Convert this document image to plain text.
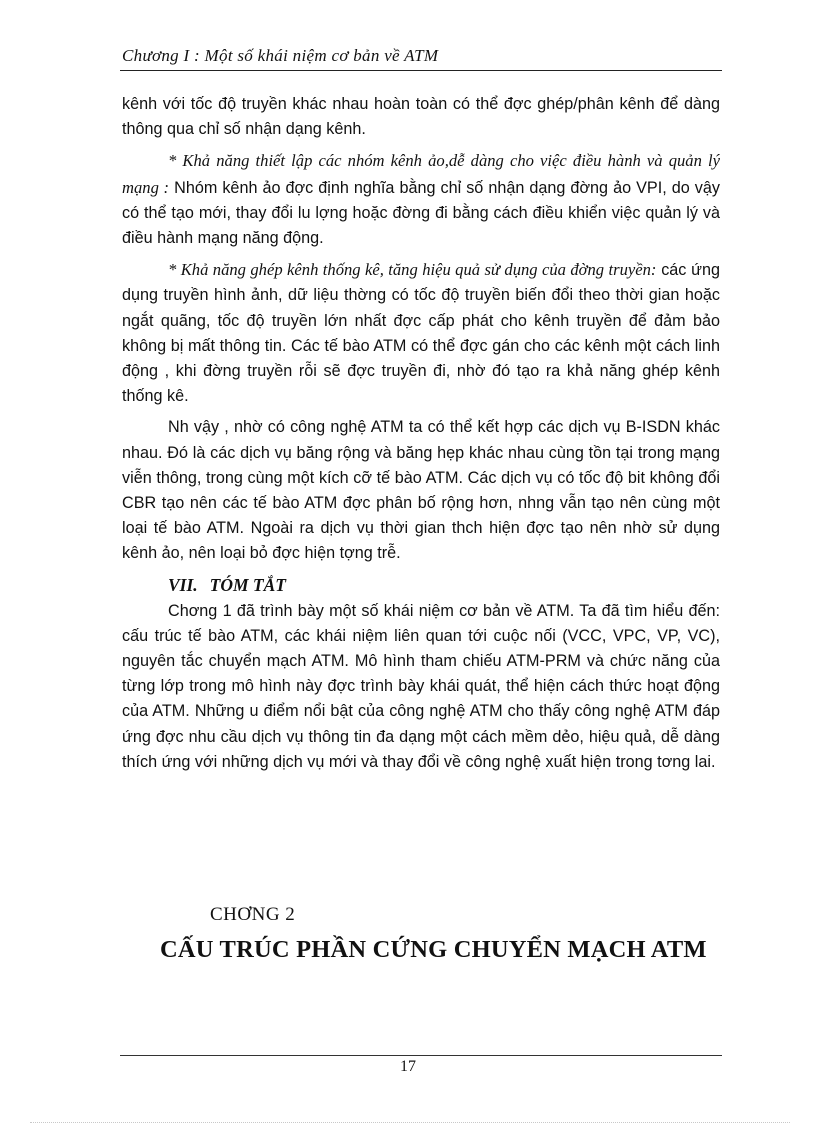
Chương I : Một số khái niệm cơ bản về ATM

kênh với tốc độ truyền khác nhau hoàn toàn có thể đợc ghép/phân kênh để dàng thông qua chỉ số nhận dạng kênh.

* Khả năng thiết lập các nhóm kênh ảo,dễ dàng cho việc điều hành và quản lý mạng : Nhóm kênh ảo đợc định nghĩa bằng chỉ số nhận dạng đờng ảo VPI, do vậy có thể tạo mới, thay đổi lu lợng hoặc đờng đi bằng cách điều khiển việc quản lý và điều hành mạng năng động.

* Khả năng ghép kênh thống kê, tăng hiệu quả sử dụng của đờng truyền: các ứng dụng truyền hình ảnh, dữ liệu thờng có tốc độ truyền biến đổi theo thời gian hoặc ngắt quãng, tốc độ truyền lớn nhất đợc cấp phát cho kênh truyền để đảm bảo không bị mất thông tin. Các tế bào ATM có thể đợc gán cho các kênh một cách linh động , khi đờng truyền rỗi sẽ đợc truyền đi, nhờ đó tạo ra khả năng ghép kênh thống kê.

Nh vậy , nhờ có công nghệ ATM ta có thể kết hợp các dịch vụ B-ISDN khác nhau. Đó là các dịch vụ băng rộng và băng hẹp khác nhau cùng tồn tại trong mạng viễn thông, trong cùng một kích cỡ tế bào ATM. Các dịch vụ có tốc độ bit không đổi CBR tạo nên các tế bào ATM đợc phân bố rộng hơn, nhng vẫn tạo nên cùng một loại tế bào ATM. Ngoài ra dịch vụ thời gian thch hiện đợc tạo nên nhờ sử dụng kênh ảo, nên loại bỏ đợc hiện tợng trễ.

VII. TÓM TẮT

Chơng 1 đã trình bày một số khái niệm cơ bản về ATM. Ta đã tìm hiểu đến: cấu trúc tế bào ATM, các khái niệm liên quan tới cuộc nối (VCC, VPC, VP, VC), nguyên tắc chuyển mạch ATM. Mô hình tham chiếu ATM-PRM và chức năng của từng lớp trong mô hình này đợc trình bày khái quát, thể hiện cách thức hoạt động của ATM. Những u điểm nổi bật của công nghệ ATM cho thấy công nghệ ATM đáp ứng đợc nhu cầu dịch vụ thông tin đa dạng một cách mềm dẻo, hiệu quả, dễ dàng thích ứng với những dịch vụ mới và thay đổi về công nghệ xuất hiện trong tơng lai.

CHƠNG 2
CẤU TRÚC PHẦN CỨNG CHUYỂN MẠCH ATM
17
